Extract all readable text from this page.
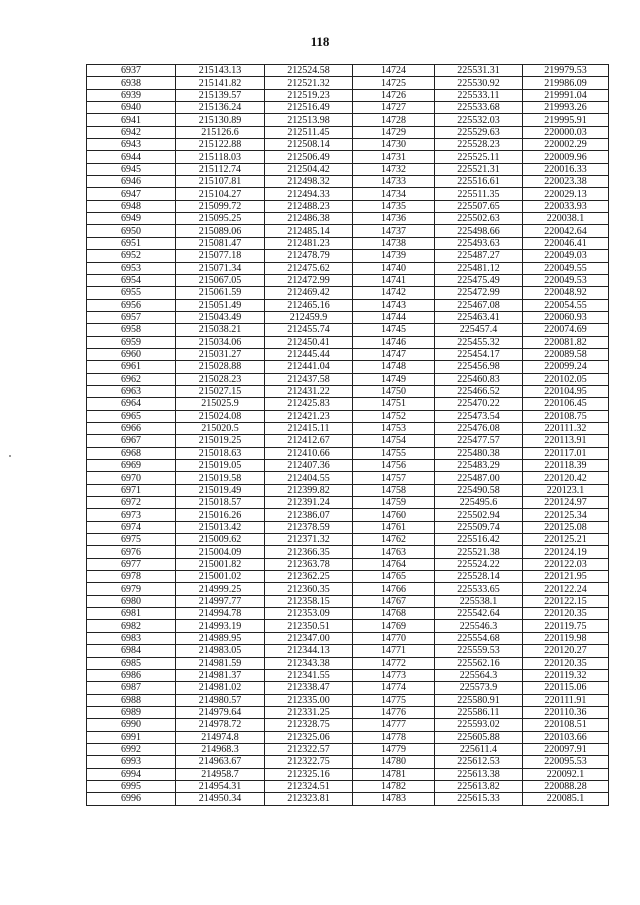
118
6937	215143.13	212524.58	14724	225531.31	219979.53
6938	215141.82	212521.32	14725	225530.92	219986.09
6939	215139.57	212519.23	14726	225533.11	219991.04
6940	215136.24	212516.49	14727	225533.68	219993.26
6941	215130.89	212513.98	14728	225532.03	219995.91
6942	215126.6	212511.45	14729	225529.63	220000.03
6943	215122.88	212508.14	14730	225528.23	220002.29
6944	215118.03	212506.49	14731	225525.11	220009.96
6945	215112.74	212504.42	14732	225521.31	220016.33
6946	215107.81	212498.32	14733	225516.61	220023.38
6947	215104.27	212494.33	14734	225511.35	220029.13
6948	215099.72	212488.23	14735	225507.65	220033.93
6949	215095.25	212486.38	14736	225502.63	220038.1
6950	215089.06	212485.14	14737	225498.66	220042.64
6951	215081.47	212481.23	14738	225493.63	220046.41
6952	215077.18	212478.79	14739	225487.27	220049.03
6953	215071.34	212475.62	14740	225481.12	220049.55
6954	215067.05	212472.99	14741	225475.49	220049.53
6955	215061.59	212469.42	14742	225472.99	220048.92
6956	215051.49	212465.16	14743	225467.08	220054.55
6957	215043.49	212459.9	14744	225463.41	220060.93
6958	215038.21	212455.74	14745	225457.4	220074.69
6959	215034.06	212450.41	14746	225455.32	220081.82
6960	215031.27	212445.44	14747	225454.17	220089.58
6961	215028.88	212441.04	14748	225456.98	220099.24
6962	215028.23	212437.58	14749	225460.83	220102.05
6963	215027.15	212431.22	14750	225466.52	220104.95
6964	215025.9	212425.83	14751	225470.22	220106.45
6965	215024.08	212421.23	14752	225473.54	220108.75
6966	215020.5	212415.11	14753	225476.08	220111.32
6967	215019.25	212412.67	14754	225477.57	220113.91
6968	215018.63	212410.66	14755	225480.38	220117.01
6969	215019.05	212407.36	14756	225483.29	220118.39
6970	215019.58	212404.55	14757	225487.00	220120.42
6971	215019.49	212399.82	14758	225490.58	220123.1
6972	215018.57	212391.24	14759	225495.6	220124.97
6973	215016.26	212386.07	14760	225502.94	220125.34
6974	215013.42	212378.59	14761	225509.74	220125.08
6975	215009.62	212371.32	14762	225516.42	220125.21
6976	215004.09	212366.35	14763	225521.38	220124.19
6977	215001.82	212363.78	14764	225524.22	220122.03
6978	215001.02	212362.25	14765	225528.14	220121.95
6979	214999.25	212360.35	14766	225533.65	220122.24
6980	214997.77	212358.15	14767	225538.1	220122.15
6981	214994.78	212353.09	14768	225542.64	220120.35
6982	214993.19	212350.51	14769	225546.3	220119.75
6983	214989.95	212347.00	14770	225554.68	220119.98
6984	214983.05	212344.13	14771	225559.53	220120.27
6985	214981.59	212343.38	14772	225562.16	220120.35
6986	214981.37	212341.55	14773	225564.3	220119.32
6987	214981.02	212338.47	14774	225573.9	220115.06
6988	214980.57	212335.00	14775	225580.91	220111.91
6989	214979.64	212331.25	14776	225586.11	220110.36
6990	214978.72	212328.75	14777	225593.02	220108.51
6991	214974.8	212325.06	14778	225605.88	220103.66
6992	214968.3	212322.57	14779	225611.4	220097.91
6993	214963.67	212322.75	14780	225612.53	220095.53
6994	214958.7	212325.16	14781	225613.38	220092.1
6995	214954.31	212324.51	14782	225613.82	220088.28
6996	214950.34	212323.81	14783	225615.33	220085.1
